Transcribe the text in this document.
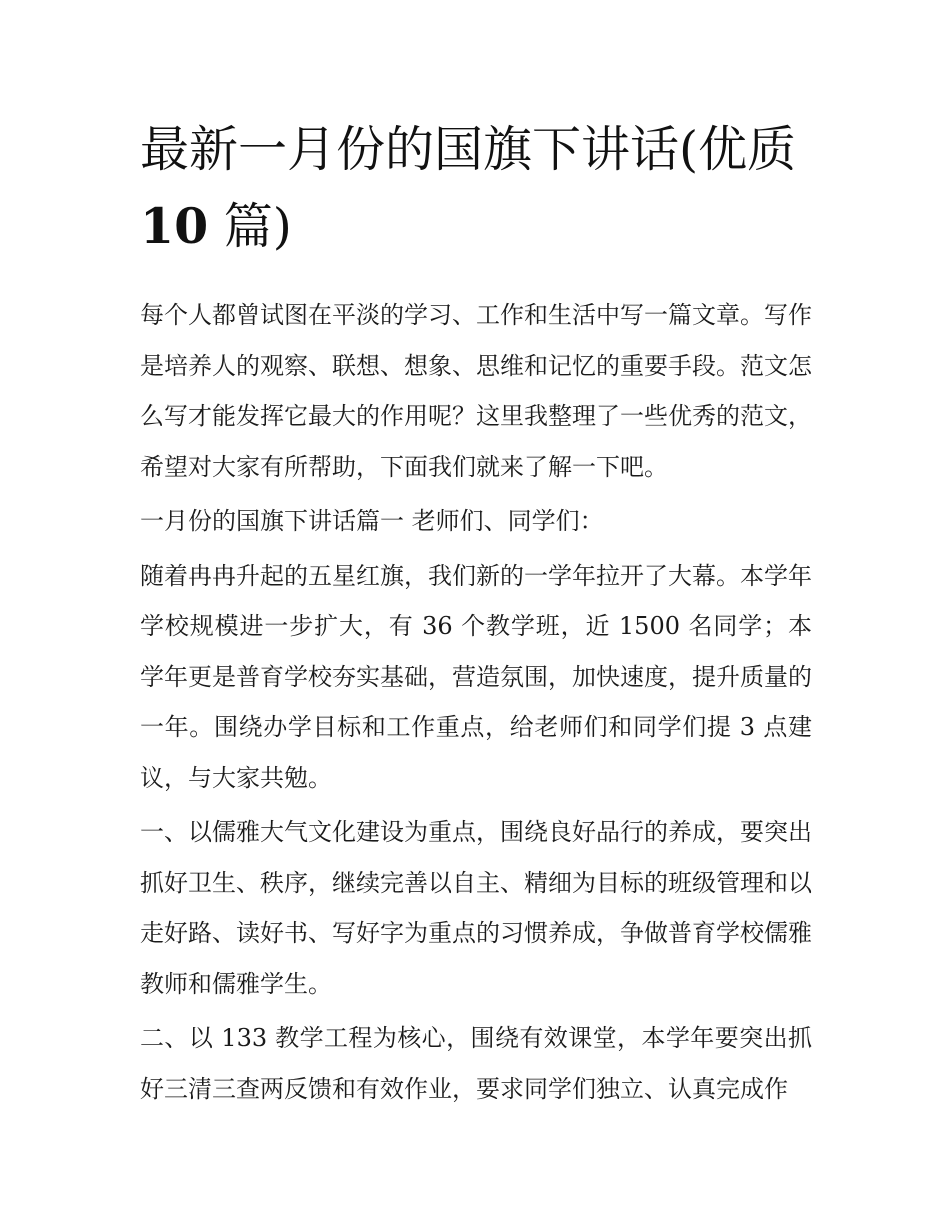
最新一月份的国旗下讲话(优质10 篇)

每个人都曾试图在平淡的学习、工作和生活中写一篇文章。写作是培养人的观察、联想、想象、思维和记忆的重要手段。范文怎么写才能发挥它最大的作用呢？这里我整理了一些优秀的范文，希望对大家有所帮助，下面我们就来了解一下吧。

一月份的国旗下讲话篇一 老师们、同学们：

随着冉冉升起的五星红旗，我们新的一学年拉开了大幕。本学年学校规模进一步扩大，有 36 个教学班，近 1500 名同学；本学年更是普育学校夯实基础，营造氛围，加快速度，提升质量的一年。围绕办学目标和工作重点，给老师们和同学们提 3 点建议，与大家共勉。

一、以儒雅大气文化建设为重点，围绕良好品行的养成，要突出抓好卫生、秩序，继续完善以自主、精细为目标的班级管理和以走好路、读好书、写好字为重点的习惯养成，争做普育学校儒雅教师和儒雅学生。

二、以 133 教学工程为核心，围绕有效课堂，本学年要突出抓好三清三查两反馈和有效作业，要求同学们独立、认真完成作
